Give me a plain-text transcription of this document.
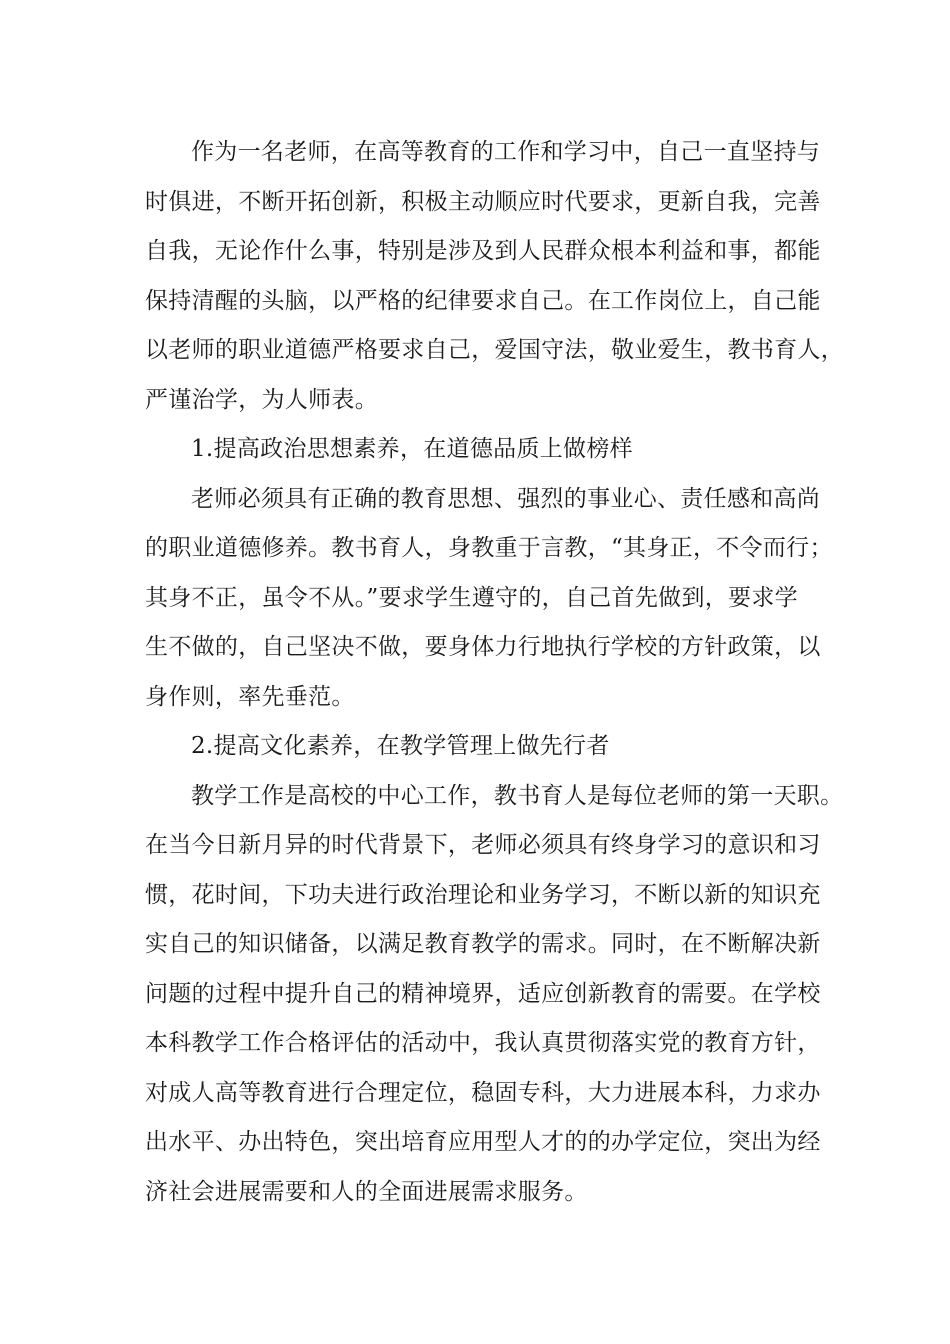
作为一名老师，在高等教育的工作和学习中，自己一直坚持与
时俱进，不断开拓创新，积极主动顺应时代要求，更新自我，完善
自我，无论作什么事，特别是涉及到人民群众根本利益和事，都能
保持清醒的头脑，以严格的纪律要求自己。在工作岗位上，自己能
以老师的职业道德严格要求自己，爱国守法，敬业爱生，教书育人，
严谨治学，为人师表。
1.提高政治思想素养，在道德品质上做榜样
老师必须具有正确的教育思想、强烈的事业心、责任感和高尚
的职业道德修养。教书育人，身教重于言教，“其身正，不令而行；
其身不正，虽令不从。”要求学生遵守的，自己首先做到，要求学
生不做的，自己坚决不做，要身体力行地执行学校的方针政策，以
身作则，率先垂范。
2.提高文化素养，在教学管理上做先行者
教学工作是高校的中心工作，教书育人是每位老师的第一天职。
在当今日新月异的时代背景下，老师必须具有终身学习的意识和习
惯，花时间，下功夫进行政治理论和业务学习，不断以新的知识充
实自己的知识储备，以满足教育教学的需求。同时，在不断解决新
问题的过程中提升自己的精神境界，适应创新教育的需要。在学校
本科教学工作合格评估的活动中，我认真贯彻落实党的教育方针，
对成人高等教育进行合理定位，稳固专科，大力进展本科，力求办
出水平、办出特色，突出培育应用型人才的的办学定位，突出为经
济社会进展需要和人的全面进展需求服务。
